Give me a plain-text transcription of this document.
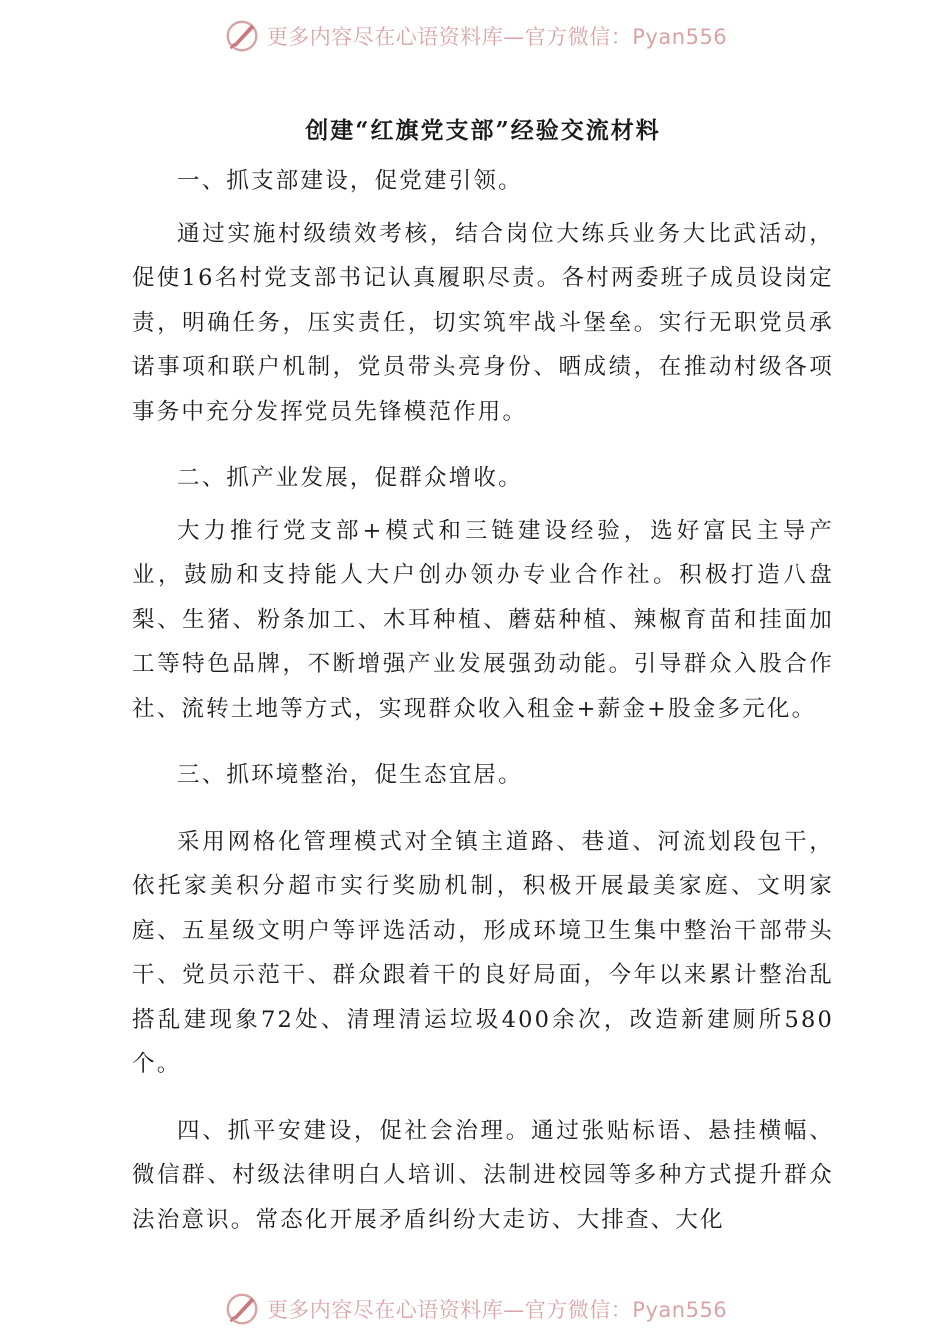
更多内容尽在心语资料库—官方微信：Pyan556
创建“红旗党支部”经验交流材料

一、抓支部建设，促党建引领。

通过实施村级绩效考核，结合岗位大练兵业务大比武活动，促使16名村党支部书记认真履职尽责。各村两委班子成员设岗定责，明确任务，压实责任，切实筑牢战斗堡垒。实行无职党员承诺事项和联户机制，党员带头亮身份、晒成绩，在推动村级各项事务中充分发挥党员先锋模范作用。

二、抓产业发展，促群众增收。

大力推行党支部+模式和三链建设经验，选好富民主导产业，鼓励和支持能人大户创办领办专业合作社。积极打造八盘梨、生猪、粉条加工、木耳种植、蘑菇种植、辣椒育苗和挂面加工等特色品牌，不断增强产业发展强劲动能。引导群众入股合作社、流转土地等方式，实现群众收入租金+薪金+股金多元化。

三、抓环境整治，促生态宜居。

采用网格化管理模式对全镇主道路、巷道、河流划段包干，依托家美积分超市实行奖励机制，积极开展最美家庭、文明家庭、五星级文明户等评选活动，形成环境卫生集中整治干部带头干、党员示范干、群众跟着干的良好局面，今年以来累计整治乱搭乱建现象72处、清理清运垃圾400余次，改造新建厕所580个。

四、抓平安建设，促社会治理。通过张贴标语、悬挂横幅、微信群、村级法律明白人培训、法制进校园等多种方式提升群众法治意识。常态化开展矛盾纠纷大走访、大排查、大化

更多内容尽在心语资料库—官方微信：Pyan556
